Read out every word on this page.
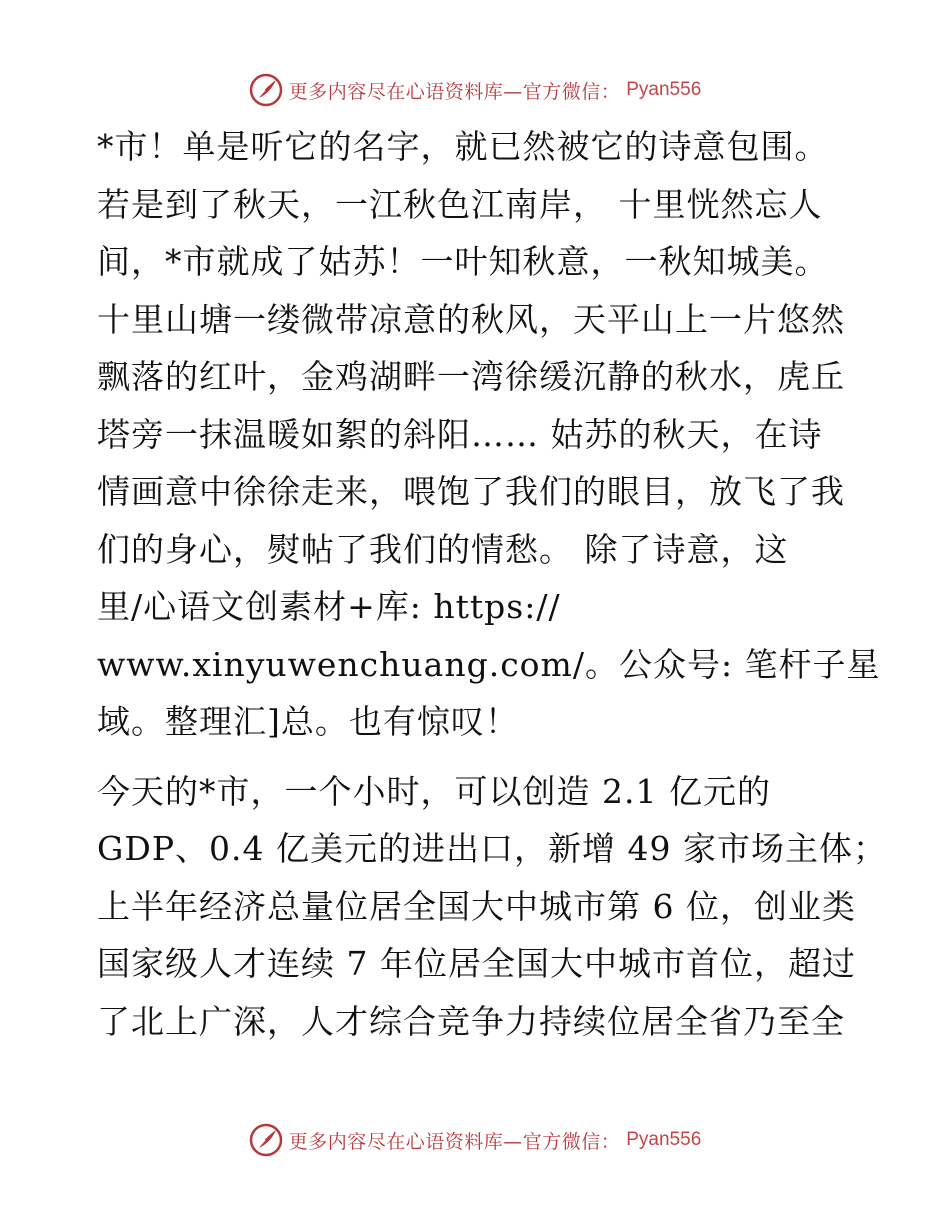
更多内容尽在心语资料库—官方微信： Pyan556
*市！单是听它的名字，就已然被它的诗意包围。
若是到了秋天，一江秋色江南岸， 十里恍然忘人
间，*市就成了姑苏！一叶知秋意，一秋知城美。
十里山塘一缕微带凉意的秋风，天平山上一片悠然
飘落的红叶，金鸡湖畔一湾徐缓沉静的秋水，虎丘
塔旁一抹温暖如絮的斜阳…… 姑苏的秋天，在诗
情画意中徐徐走来，喂饱了我们的眼目，放飞了我
们的身心，熨帖了我们的情愁。 除了诗意，这
里/心语文创素材+库: https://
www.xinyuwenchuang.com/。公众号: 笔杆子星
域。整理汇]总。也有惊叹！
今天的*市，一个小时，可以创造 2.1 亿元的
GDP、0.4 亿美元的进出口，新增 49 家市场主体；
上半年经济总量位居全国大中城市第 6 位，创业类
国家级人才连续 7 年位居全国大中城市首位，超过
了北上广深，人才综合竞争力持续位居全省乃至全
更多内容尽在心语资料库—官方微信： Pyan556
